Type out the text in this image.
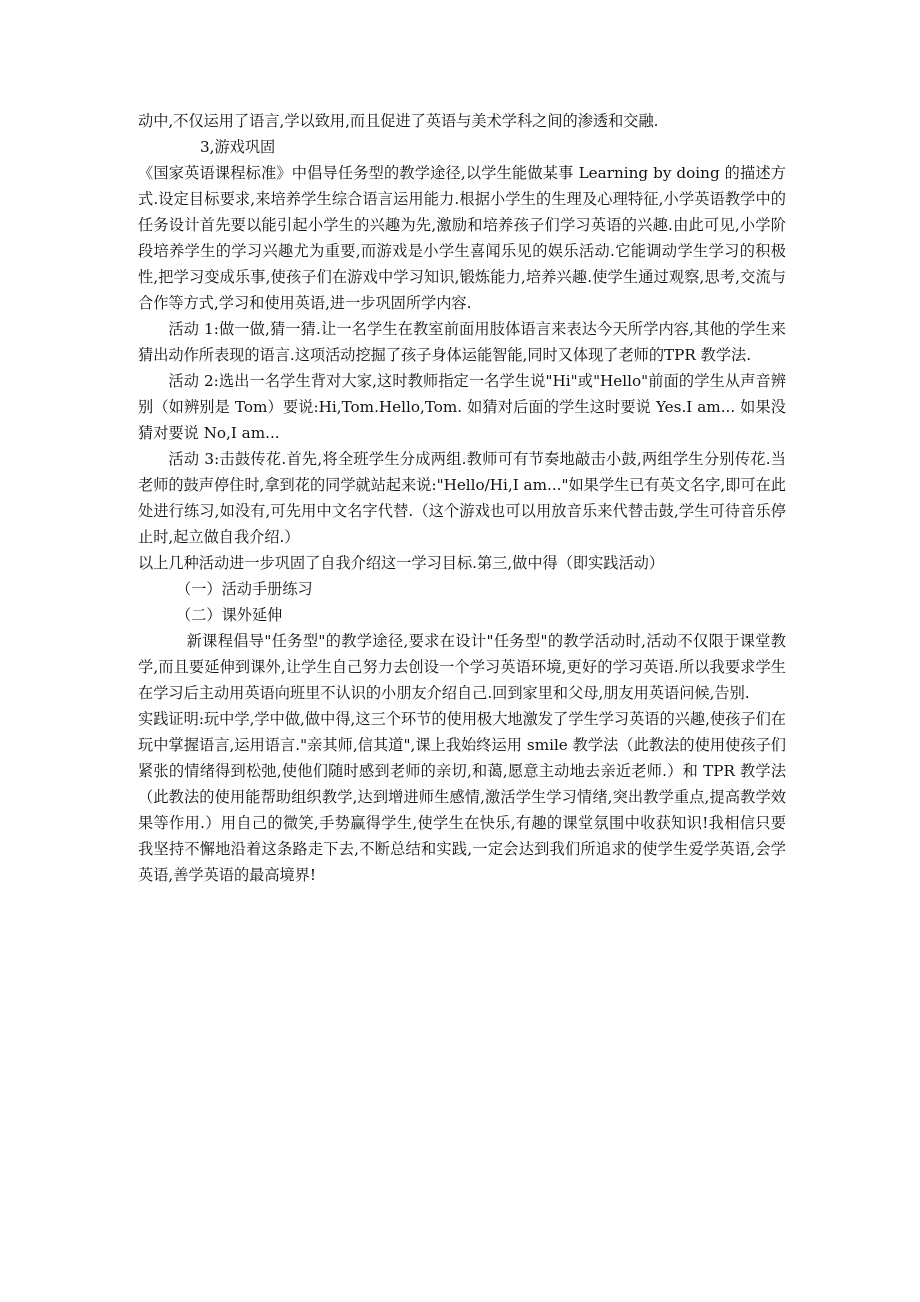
动中,不仅运用了语言,学以致用,而且促进了英语与美术学科之间的渗透和交融.

3,游戏巩固

《国家英语课程标准》中倡导任务型的教学途径,以学生能做某事 Learning by doing 的描述方式.设定目标要求,来培养学生综合语言运用能力.根据小学生的生理及心理特征,小学英语教学中的任务设计首先要以能引起小学生的兴趣为先,激励和培养孩子们学习英语的兴趣.由此可见,小学阶段培养学生的学习兴趣尤为重要,而游戏是小学生喜闻乐见的娱乐活动.它能调动学生学习的积极性,把学习变成乐事,使孩子们在游戏中学习知识,锻炼能力,培养兴趣.使学生通过观察,思考,交流与合作等方式,学习和使用英语,进一步巩固所学内容.

活动 1:做一做,猜一猜.让一名学生在教室前面用肢体语言来表达今天所学内容,其他的学生来猜出动作所表现的语言.这项活动挖掘了孩子身体运能智能,同时又体现了老师的TPR 教学法.

活动 2:选出一名学生背对大家,这时教师指定一名学生说"Hi"或"Hello"前面的学生从声音辨别（如辨别是 Tom）要说:Hi,Tom.Hello,Tom. 如猜对后面的学生这时要说 Yes.I am... 如果没猜对要说 No,I am...

活动 3:击鼓传花.首先,将全班学生分成两组.教师可有节奏地敲击小鼓,两组学生分别传花.当老师的鼓声停住时,拿到花的同学就站起来说:"Hello/Hi,I am..."如果学生已有英文名字,即可在此处进行练习,如没有,可先用中文名字代替.（这个游戏也可以用放音乐来代替击鼓,学生可待音乐停止时,起立做自我介绍.）

以上几种活动进一步巩固了自我介绍这一学习目标.第三,做中得（即实践活动）

（一）活动手册练习

（二）课外延伸

新课程倡导"任务型"的教学途径,要求在设计"任务型"的教学活动时,活动不仅限于课堂教学,而且要延伸到课外,让学生自己努力去创设一个学习英语环境,更好的学习英语.所以我要求学生在学习后主动用英语向班里不认识的小朋友介绍自己.回到家里和父母,朋友用英语问候,告别.

实践证明:玩中学,学中做,做中得,这三个环节的使用极大地激发了学生学习英语的兴趣,使孩子们在玩中掌握语言,运用语言."亲其师,信其道",课上我始终运用 smile 教学法（此教法的使用使孩子们紧张的情绪得到松弛,使他们随时感到老师的亲切,和蔼,愿意主动地去亲近老师.）和 TPR 教学法（此教法的使用能帮助组织教学,达到增进师生感情,激活学生学习情绪,突出教学重点,提高教学效果等作用.）用自己的微笑,手势赢得学生,使学生在快乐,有趣的课堂氛围中收获知识!我相信只要我坚持不懈地沿着这条路走下去,不断总结和实践,一定会达到我们所追求的使学生爱学英语,会学英语,善学英语的最高境界!
